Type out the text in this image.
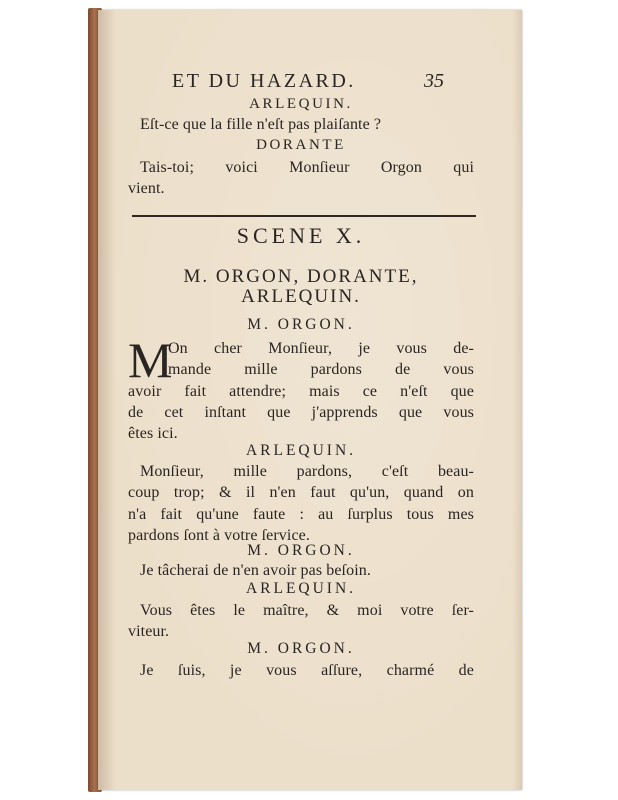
ET DU HAZARD.	35
ARLEQUIN.
Eſt-ce que la fille n'eſt pas plaiſante ?
DORANTE
Tais-toi; voici Monſieur Orgon qui
vient.
SCENE X.
M. ORGON, DORANTE,
ARLEQUIN.
M. ORGON.
M
On cher Monſieur, je vous de-
mande mille pardons de vous
avoir fait attendre; mais ce n'eſt que
de cet inſtant que j'apprends que vous
êtes ici.
ARLEQUIN.
Monſieur, mille pardons, c'eſt beau-
coup trop; & il n'en faut qu'un, quand on
n'a fait qu'une faute : au ſurplus tous mes
pardons ſont à votre ſervice.
M. ORGON.
Je tâcherai de n'en avoir pas beſoin.
ARLEQUIN.
Vous êtes le maître, & moi votre ſer-
viteur.
M. ORGON.
Je ſuis, je vous aſſure, charmé de
